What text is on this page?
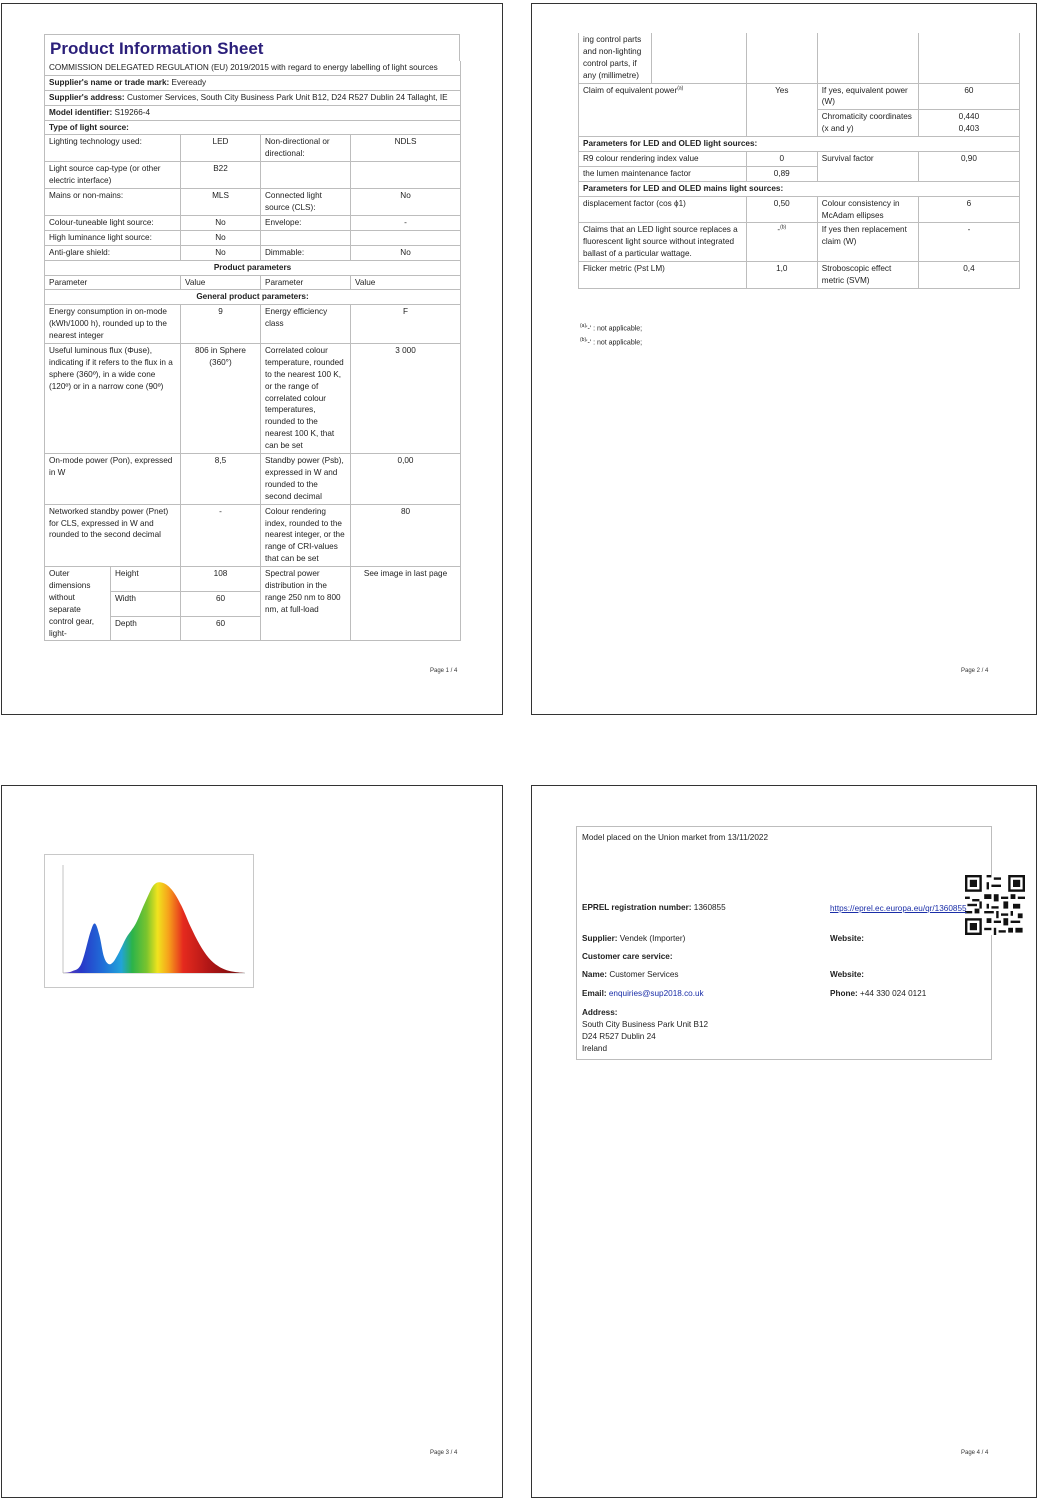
Product Information Sheet
COMMISSION DELEGATED REGULATION (EU) 2019/2015 with regard to energy labelling of light sources				
Supplier's name or trade mark: Eveready				
Supplier's address: Customer Services, South City Business Park Unit B12, D24 R527 Dublin 24 Tallaght, IE				
Model identifier: S19266-4				
Type of light source:				
Lighting technology used:		LED	Non-directional or directional:	NDLS
Light source cap-type (or other electric interface)		B22		
Mains or non-mains:		MLS	Connected light source (CLS):	No
Colour-tuneable light source:		No	Envelope:	-
High luminance light source:		No		
Anti-glare shield:		No	Dimmable:	No
Product parameters				
Parameter		Value	Parameter	Value
General product parameters:				
Energy consumption in on-mode (kWh/1000 h), rounded up to the nearest integer		9	Energy efficiency class	F
Useful luminous flux (Φuse), indicating if it refers to the flux in a sphere (360º), in a wide cone (120º) or in a narrow cone (90º)		806 in Sphere (360°)	Correlated colour temperature, rounded to the nearest 100 K, or the range of correlated colour temperatures, rounded to the nearest 100 K, that can be set	3 000
On-mode power (Pon), expressed in W		8,5	Standby power (Psb), expressed in W and rounded to the second decimal	0,00
Networked standby power (Pnet) for CLS, expressed in W and rounded to the second decimal		-	Colour rendering index, rounded to the nearest integer, or the range of CRI-values that can be set	80
Outer dimensions without separate control gear, light-	Height	108	Spectral power distribution in the range 250 nm to 800 nm, at full-load	See image in last page
	Width	60		
	Depth	60		
Page 1 / 4
ing control parts and non-lighting control parts, if any (millimetre)				
Claim of equivalent power$^{(a)}$		Yes	If yes, equivalent power (W)	60
			Chromaticity coordinates (x and y)	0,440
0,403
Parameters for LED and OLED light sources:				
R9 colour rendering index value		0	Survival factor	0,90
the lumen maintenance factor		0,89		
Parameters for LED and OLED mains light sources:				
displacement factor (cos ϕ1)		0,50	Colour consistency in McAdam ellipses	6
Claims that an LED light source replaces a fluorescent light source without integrated ballast of a particular wattage.		-$^{(b)}$	If yes then replacement claim (W)	-
Flicker metric (Pst LM)		1,0	Stroboscopic effect metric (SVM)	0,4
$^{(a)}$'-' : not applicable;
$^{(b)}$'-' : not applicable;
Page 2 / 4
Page 3 / 4
Model placed on the Union market from 13/11/2022
EPREL registration number: 1360855	https://eprel.ec.europa.eu/qr/1360855
Supplier: Vendek (Importer)	Website:
Customer care service:
Name: Customer Services	Website:
Email: enquiries@sup2018.co.uk	Phone: +44 330 024 0121
Address:
South City Business Park Unit B12
D24 R527 Dublin 24
Ireland
Page 4 / 4
